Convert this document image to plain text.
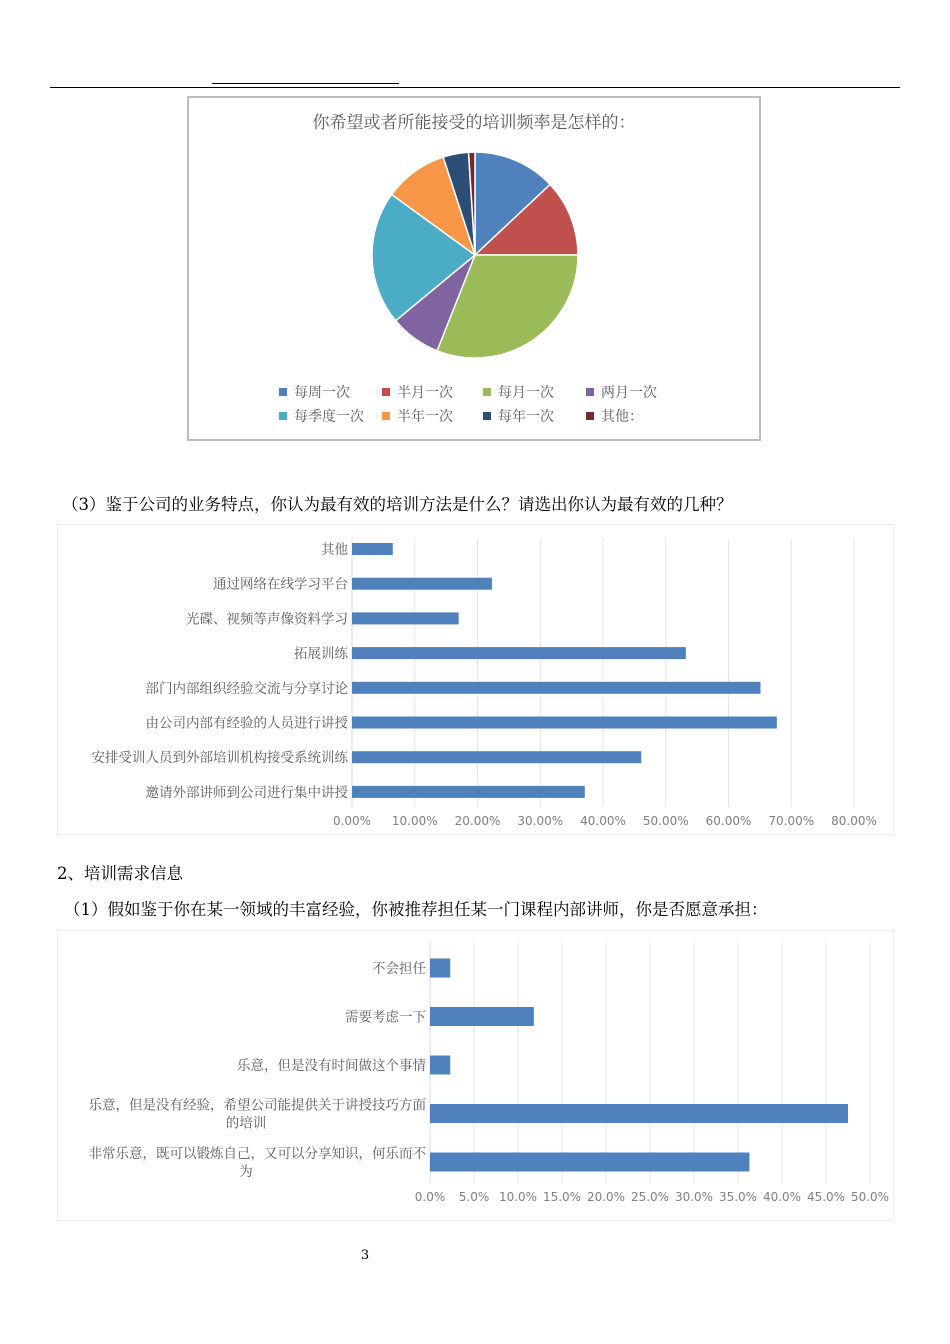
你希望或者所能接受的培训频率是怎样的：
每周一次	半月一次	每月一次	两月一次
每季度一次	半年一次	每年一次	其他：
（3）鉴于公司的业务特点，你认为最有效的培训方法是什么？请选出你认为最有效的几种？
0.00% 10.00% 20.00% 30.00% 40.00% 50.00% 60.00% 70.00% 80.00%
其他
通过网络在线学习平台
光碟、视频等声像资料学习
拓展训练
部门内部组织经验交流与分享讨论
由公司内部有经验的人员进行讲授
安排受训人员到外部培训机构接受系统训练
邀请外部讲师到公司进行集中讲授
2、培训需求信息
（1）假如鉴于你在某一领域的丰富经验，你被推荐担任某一门课程内部讲师，你是否愿意承担：
0.0% 5.0% 10.0% 15.0% 20.0% 25.0% 30.0% 35.0% 40.0% 45.0% 50.0%
不会担任
需要考虑一下
乐意，但是没有时间做这个事情
乐意，但是没有经验，希望公司能提供关于讲授技巧方面
的培训
非常乐意，既可以锻炼自己，又可以分享知识，何乐而不
为
3
